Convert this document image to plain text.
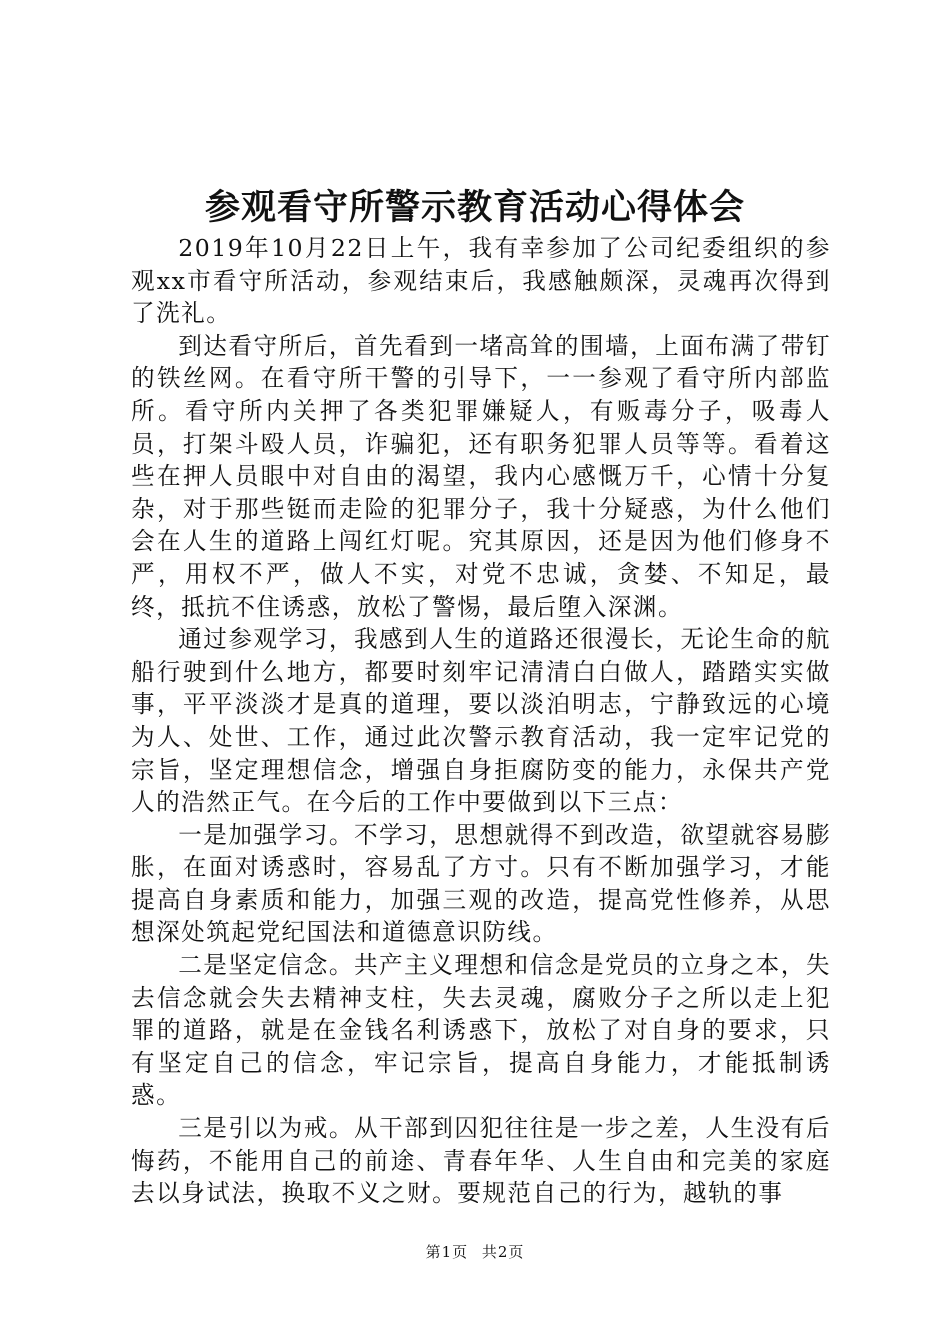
参观看守所警示教育活动心得体会

2019年10月22日上午，我有幸参加了公司纪委组织的参观xx市看守所活动，参观结束后，我感触颇深，灵魂再次得到了洗礼。

到达看守所后，首先看到一堵高耸的围墙，上面布满了带钉的铁丝网。在看守所干警的引导下，一一参观了看守所内部监所。看守所内关押了各类犯罪嫌疑人，有贩毒分子，吸毒人员，打架斗殴人员，诈骗犯，还有职务犯罪人员等等。看着这些在押人员眼中对自由的渴望，我内心感慨万千，心情十分复杂，对于那些铤而走险的犯罪分子，我十分疑惑，为什么他们会在人生的道路上闯红灯呢。究其原因，还是因为他们修身不严，用权不严，做人不实，对党不忠诚，贪婪、不知足，最终，抵抗不住诱惑，放松了警惕，最后堕入深渊。

通过参观学习，我感到人生的道路还很漫长，无论生命的航船行驶到什么地方，都要时刻牢记清清白白做人，踏踏实实做事，平平淡淡才是真的道理，要以淡泊明志，宁静致远的心境为人、处世、工作，通过此次警示教育活动，我一定牢记党的宗旨，坚定理想信念，增强自身拒腐防变的能力，永保共产党人的浩然正气。在今后的工作中要做到以下三点：

一是加强学习。不学习，思想就得不到改造，欲望就容易膨胀，在面对诱惑时，容易乱了方寸。只有不断加强学习，才能提高自身素质和能力，加强三观的改造，提高党性修养，从思想深处筑起党纪国法和道德意识防线。

二是坚定信念。共产主义理想和信念是党员的立身之本，失去信念就会失去精神支柱，失去灵魂，腐败分子之所以走上犯罪的道路，就是在金钱名利诱惑下，放松了对自身的要求，只有坚定自己的信念，牢记宗旨，提高自身能力，才能抵制诱惑。

三是引以为戒。从干部到囚犯往往是一步之差，人生没有后悔药，不能用自己的前途、青春年华、人生自由和完美的家庭去以身试法，换取不义之财。要规范自己的行为，越轨的事

第1页 共2页
